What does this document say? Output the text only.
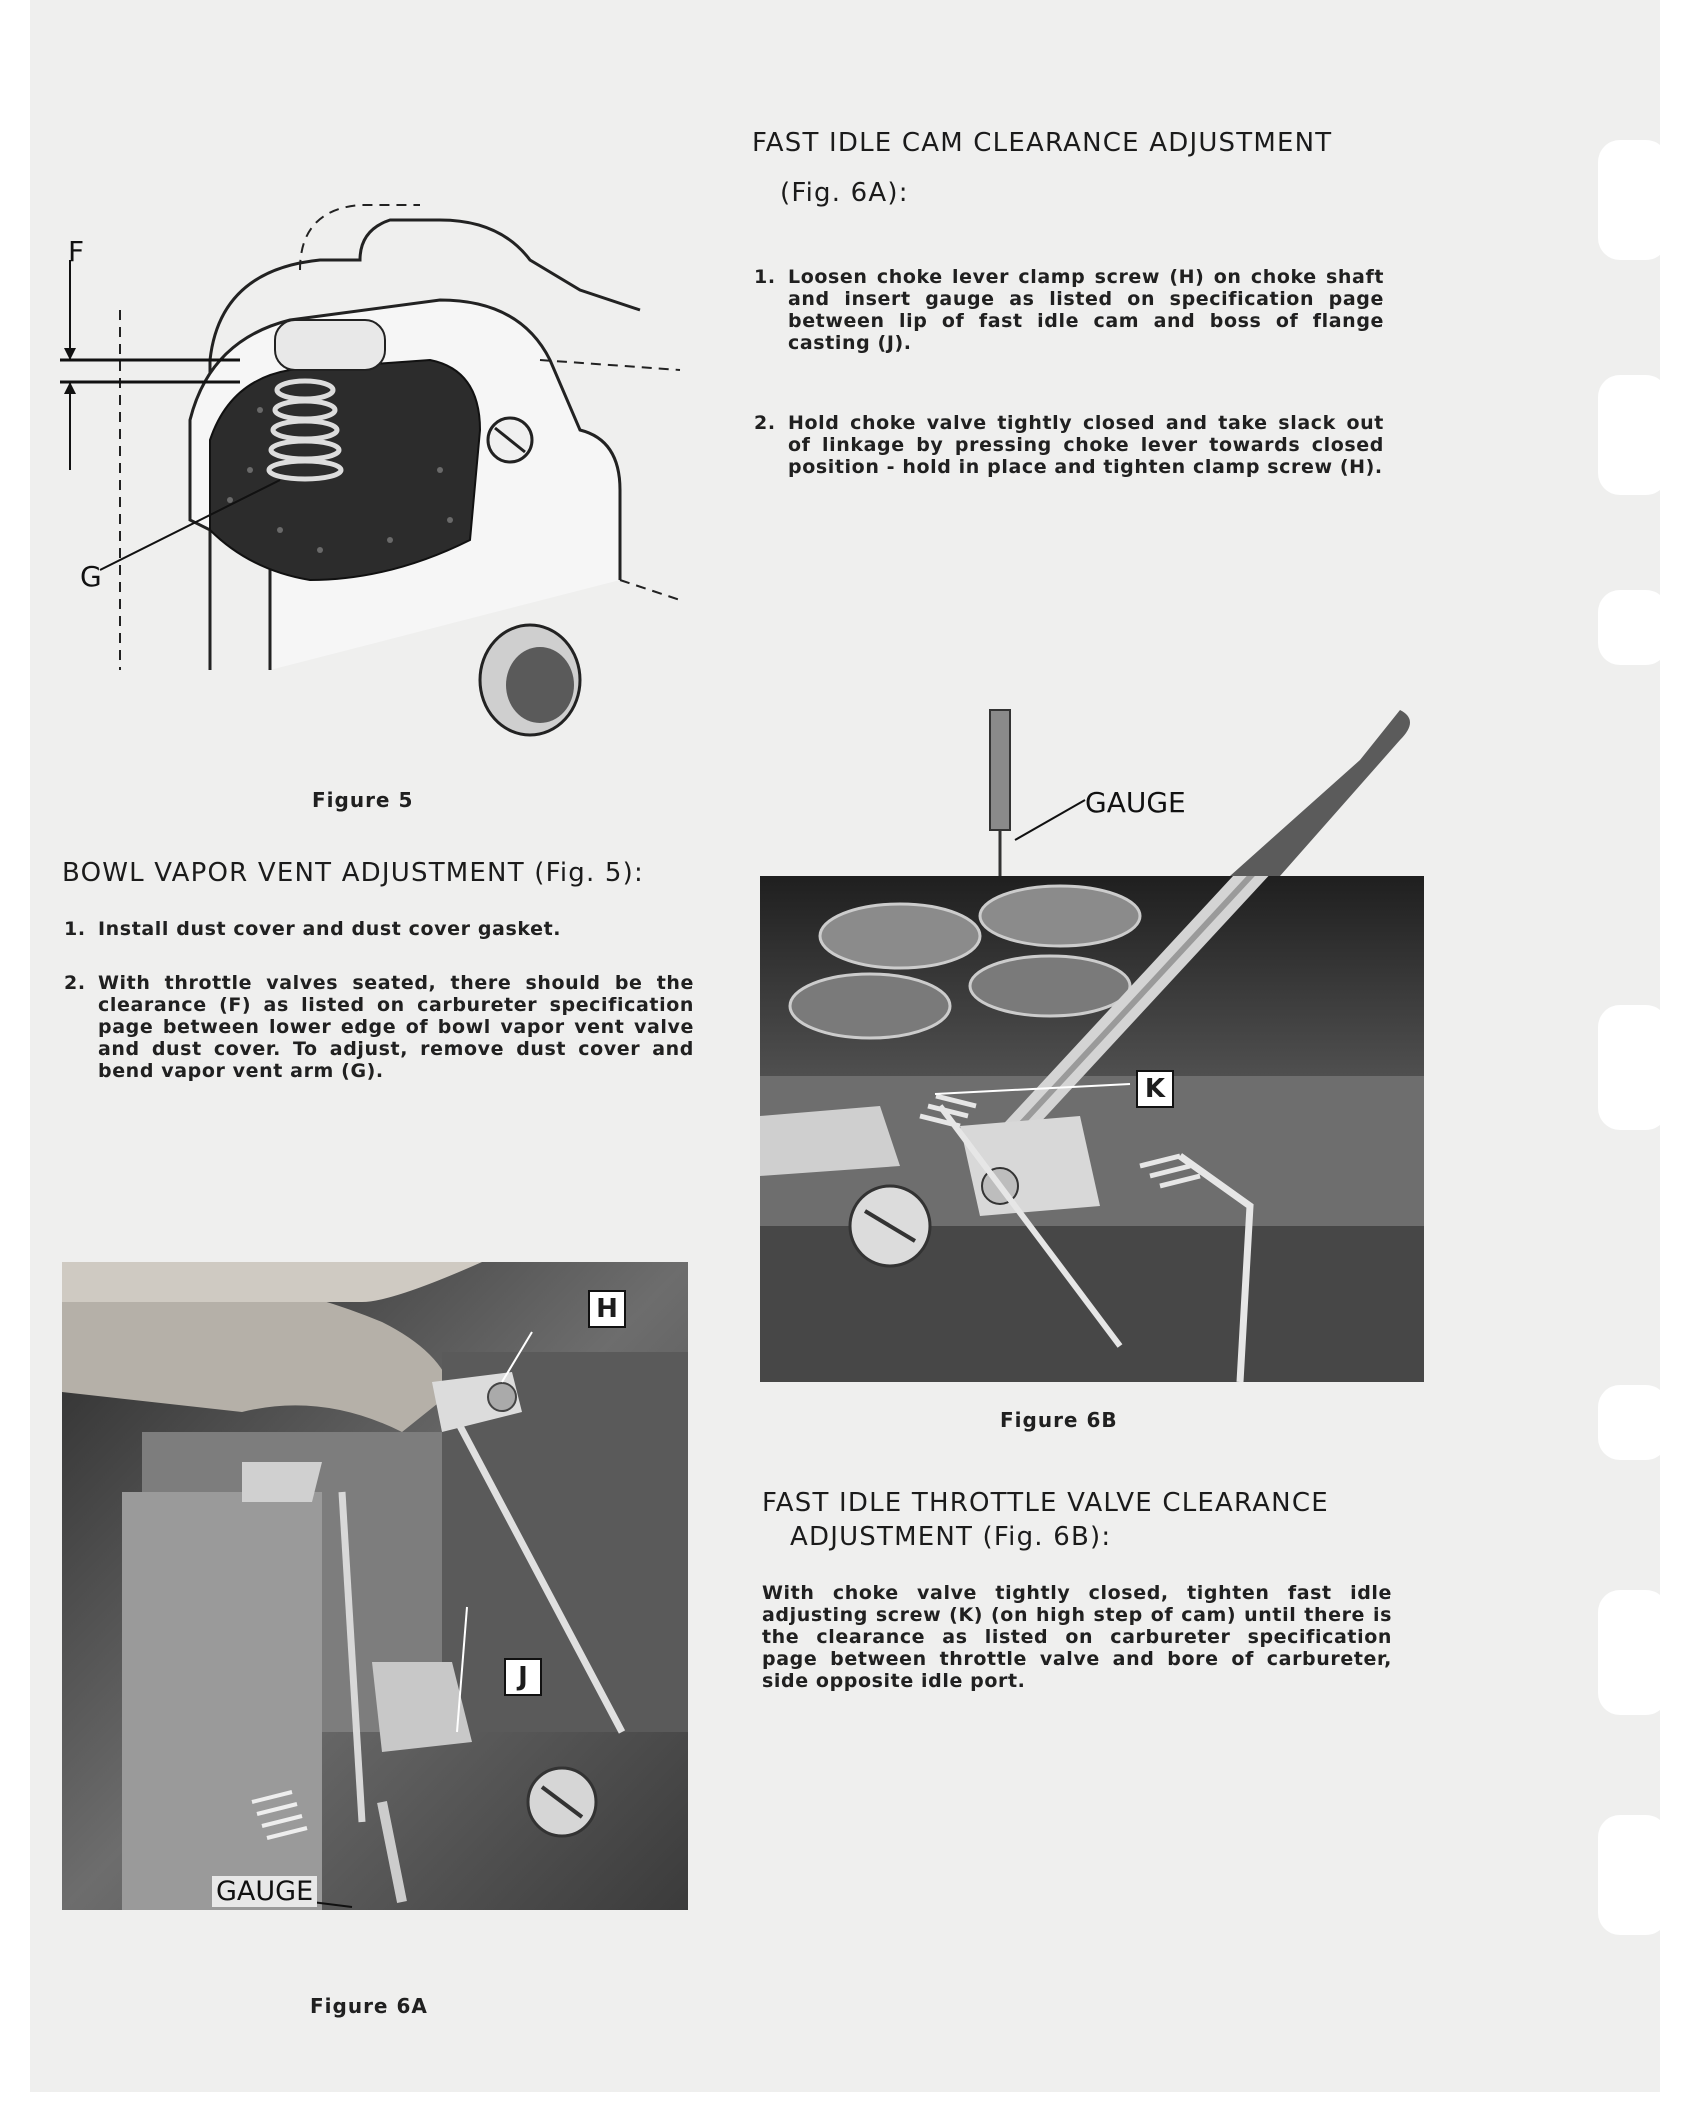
F
G
Figure 5
BOWL VAPOR VENT ADJUSTMENT (Fig. 5):
1. Install dust cover and dust cover gasket.
2. With throttle valves seated, there should be the clearance (F) as listed on carbureter specification page between lower edge of bowl vapor vent valve and dust cover. To adjust, remove dust cover and bend vapor vent arm (G).
H
J
GAUGE
Figure 6A
FAST IDLE CAM CLEARANCE ADJUSTMENT
(Fig. 6A):
1. Loosen choke lever clamp screw (H) on choke shaft and insert gauge as listed on specification page between lip of fast idle cam and boss of flange casting (J).
2. Hold choke valve tightly closed and take slack out of linkage by pressing choke lever towards closed position - hold in place and tighten clamp screw (H).
GAUGE
K
Figure 6B
FAST IDLE THROTTLE VALVE CLEARANCE
ADJUSTMENT (Fig. 6B):
With choke valve tightly closed, tighten fast idle adjusting screw (K) (on high step of cam) until there is the clearance as listed on carbureter specification page between throttle valve and bore of carbureter, side opposite idle port.
